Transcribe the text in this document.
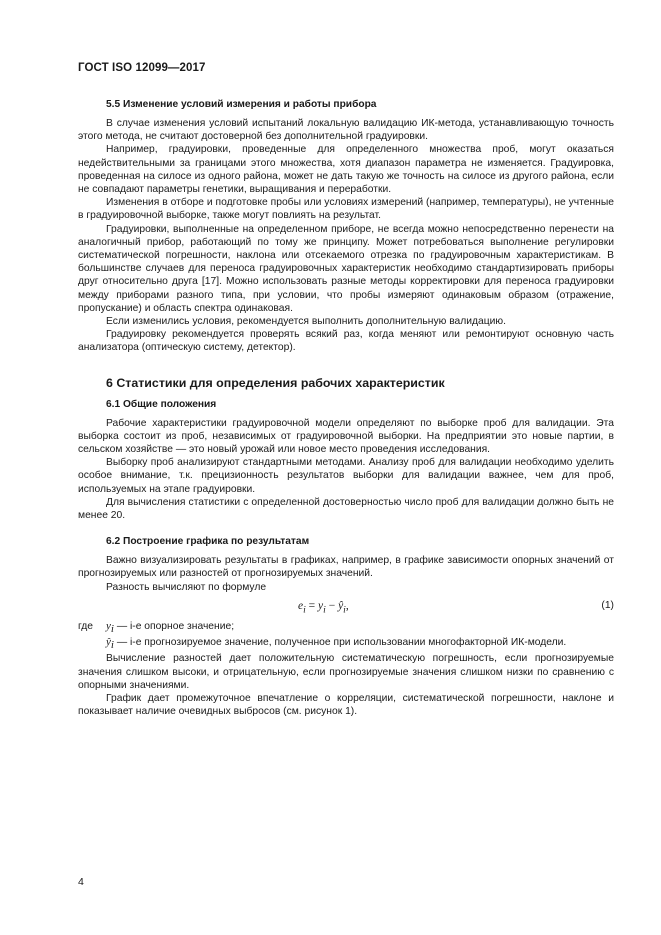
ГОСТ ISO 12099—2017
5.5 Изменение условий измерения и работы прибора

В случае изменения условий испытаний локальную валидацию ИК-метода, устанавливающую точность этого метода, не считают достоверной без дополнительной градуировки.

Например, градуировки, проведенные для определенного множества проб, могут оказаться недействительными за границами этого множества, хотя диапазон параметра не изменяется. Градуировка, проведенная на силосе из одного района, может не дать такую же точность на силосе из другого района, если не совпадают параметры генетики, выращивания и переработки.

Изменения в отборе и подготовке пробы или условиях измерений (например, температуры), не учтенные в градуировочной выборке, также могут повлиять на результат.

Градуировки, выполненные на определенном приборе, не всегда можно непосредственно перенести на аналогичный прибор, работающий по тому же принципу. Может потребоваться выполнение регулировки систематической погрешности, наклона или отсекаемого отрезка по градуировочным характеристикам. В большинстве случаев для переноса градуировочных характеристик необходимо стандартизировать приборы друг относительно друга [17]. Можно использовать разные методы корректировки для переноса градуировки между приборами разного типа, при условии, что пробы измеряют одинаковым образом (отражение, пропускание) и область спектра одинаковая.

Если изменились условия, рекомендуется выполнить дополнительную валидацию.

Градуировку рекомендуется проверять всякий раз, когда меняют или ремонтируют основную часть анализатора (оптическую систему, детектор).

6 Статистики для определения рабочих характеристик
6.1 Общие положения

Рабочие характеристики градуировочной модели определяют по выборке проб для валидации. Эта выборка состоит из проб, независимых от градуировочной выборки. На предприятии это новые партии, в сельском хозяйстве — это новый урожай или новое место проведения исследования.

Выборку проб анализируют стандартными методами. Анализу проб для валидации необходимо уделить особое внимание, т.к. прецизионность результатов выборки для валидации важнее, чем для проб, используемых на этапе градуировки.

Для вычисления статистики с определенной достоверностью число проб для валидации должно быть не менее 20.

6.2 Построение графика по результатам

Важно визуализировать результаты в графиках, например, в графике зависимости опорных значений от прогнозируемых или разностей от прогнозируемых значений.

Разность вычисляют по формуле

$e_i = y_i$ − $ŷ_i$,	(1)
где $y_i$ — i-е опорное значение;
$ŷ_i$ — i-е прогнозируемое значение, полученное при использовании многофакторной ИК-модели.

Вычисление разностей дает положительную систематическую погрешность, если прогнозируемые значения слишком высоки, и отрицательную, если прогнозируемые значения слишком низки по сравнению с опорными значениями.

График дает промежуточное впечатление о корреляции, систематической погрешности, наклоне и показывает наличие очевидных выбросов (см. рисунок 1).

4
